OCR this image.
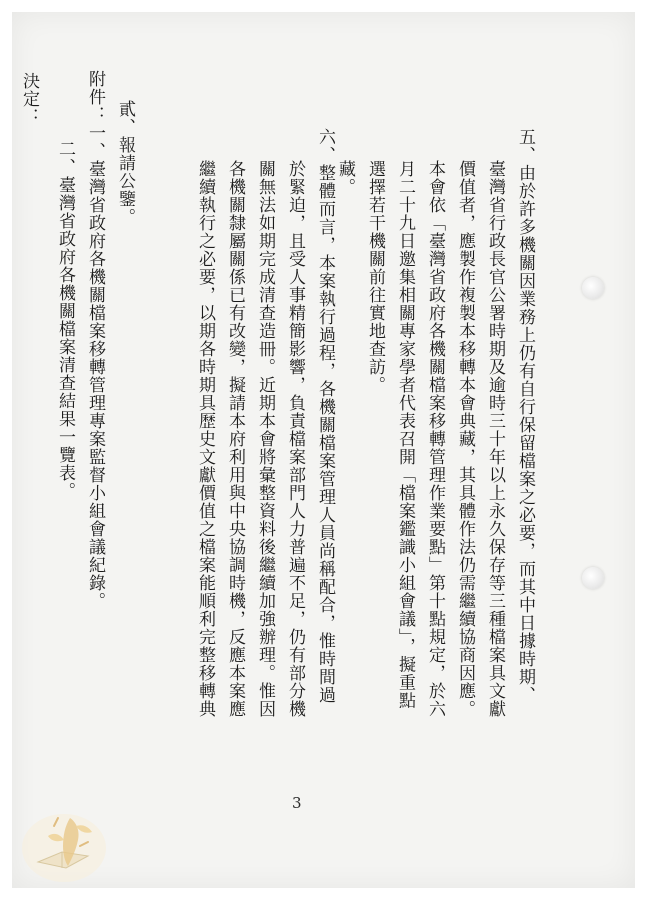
五、由於許多機關因業務上仍有自行保留檔案之必要，而其中日據時期、
臺灣省行政長官公署時期及逾時三十年以上永久保存等三種檔案具文獻
價值者，應製作複製本移轉本會典藏，其具體作法仍需繼續協商因應。
本會依「臺灣省政府各機關檔案移轉管理作業要點」第十點規定，於六
月二十九日邀集相關專家學者代表召開「檔案鑑識小組會議」，擬重點
選擇若干機關前往實地查訪。
藏。
六、整體而言，本案執行過程，各機關檔案管理人員尚稱配合，惟時間過
於緊迫，且受人事精簡影響，負責檔案部門人力普遍不足，仍有部分機
關無法如期完成清查造冊。近期本會將彙整資料後繼續加強辦理。惟因
各機關隸屬關係已有改變，擬請本府利用與中央協調時機，反應本案應
繼續執行之必要，以期各時期具歷史文獻價值之檔案能順利完整移轉典
貳、報請公鑒。
附件：一、臺灣省政府各機關檔案移轉管理專案監督小組會議紀錄。
二、臺灣省政府各機關檔案清查結果一覽表。
決定：
3
